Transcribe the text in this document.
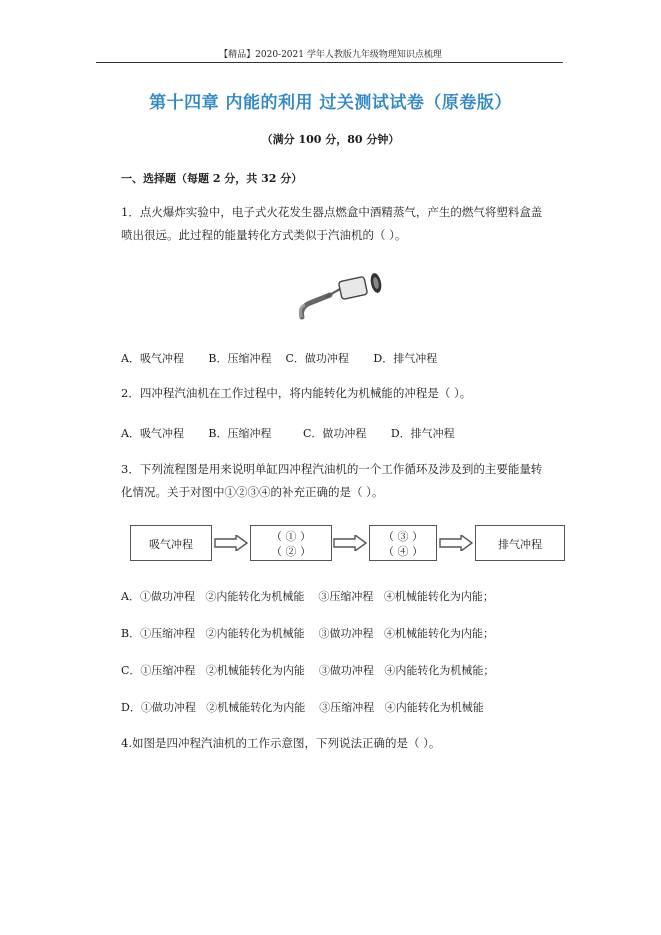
【精品】2020-2021 学年人教版九年级物理知识点梳理
第十四章 内能的利用 过关测试试卷（原卷版）
（满分 100 分，80 分钟）
一、选择题（每题 2 分，共 32 分）
1．点火爆炸实验中，电子式火花发生器点燃盒中酒精蒸气，产生的燃气将塑料盒盖喷出很远。此过程的能量转化方式类似于汽油机的（ ）。
A．吸气冲程       B．压缩冲程    C．做功冲程       D．排气冲程
2．四冲程汽油机在工作过程中，将内能转化为机械能的冲程是（ ）。
A．吸气冲程       B．压缩冲程         C．做功冲程       D．排气冲程
3．下列流程图是用来说明单缸四冲程汽油机的一个工作循环及涉及到的主要能量转化情况。关于对图中①②③④的补充正确的是（ ）。
吸气冲程
（ ① ）
（ ② ）
（ ③ ）
（ ④ ）
排气冲程
A．①做功冲程   ②内能转化为机械能    ③压缩冲程   ④机械能转化为内能；
B．①压缩冲程   ②内能转化为机械能    ③做功冲程   ④机械能转化为内能；
C．①压缩冲程   ②机械能转化为内能    ③做功冲程   ④内能转化为机械能；
D．①做功冲程   ②机械能转化为内能    ③压缩冲程   ④内能转化为机械能
4.如图是四冲程汽油机的工作示意图，下列说法正确的是（ ）。
